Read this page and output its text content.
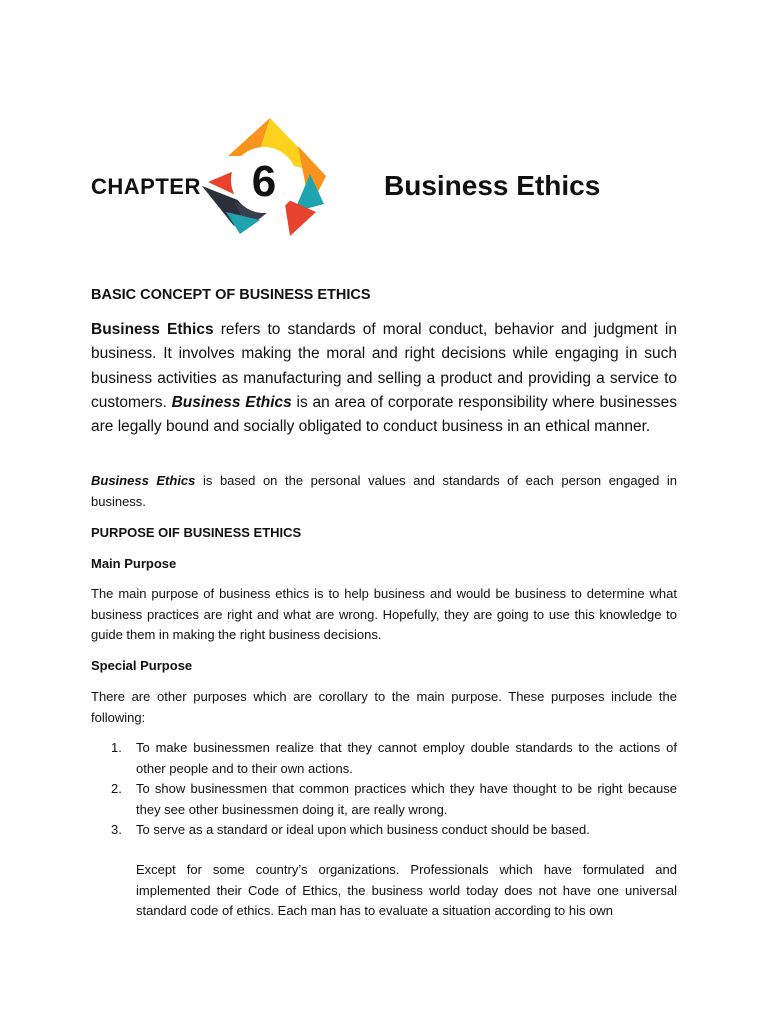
CHAPTER 6	Business Ethics
BASIC CONCEPT OF BUSINESS ETHICS
Business Ethics refers to standards of moral conduct, behavior and judgment in business. It involves making the moral and right decisions while engaging in such business activities as manufacturing and selling a product and providing a service to customers. Business Ethics is an area of corporate responsibility where businesses are legally bound and socially obligated to conduct business in an ethical manner.
Business Ethics is based on the personal values and standards of each person engaged in business.
PURPOSE OIF BUSINESS ETHICS
Main Purpose
The main purpose of business ethics is to help business and would be business to determine what business practices are right and what are wrong. Hopefully, they are going to use this knowledge to guide them in making the right business decisions.
Special Purpose
There are other purposes which are corollary to the main purpose. These purposes include the following:
1. To make businessmen realize that they cannot employ double standards to the actions of other people and to their own actions.
2. To show businessmen that common practices which they have thought to be right because they see other businessmen doing it, are really wrong.
3. To serve as a standard or ideal upon which business conduct should be based.
Except for some country’s organizations. Professionals which have formulated and implemented their Code of Ethics, the business world today does not have one universal standard code of ethics. Each man has to evaluate a situation according to his own
